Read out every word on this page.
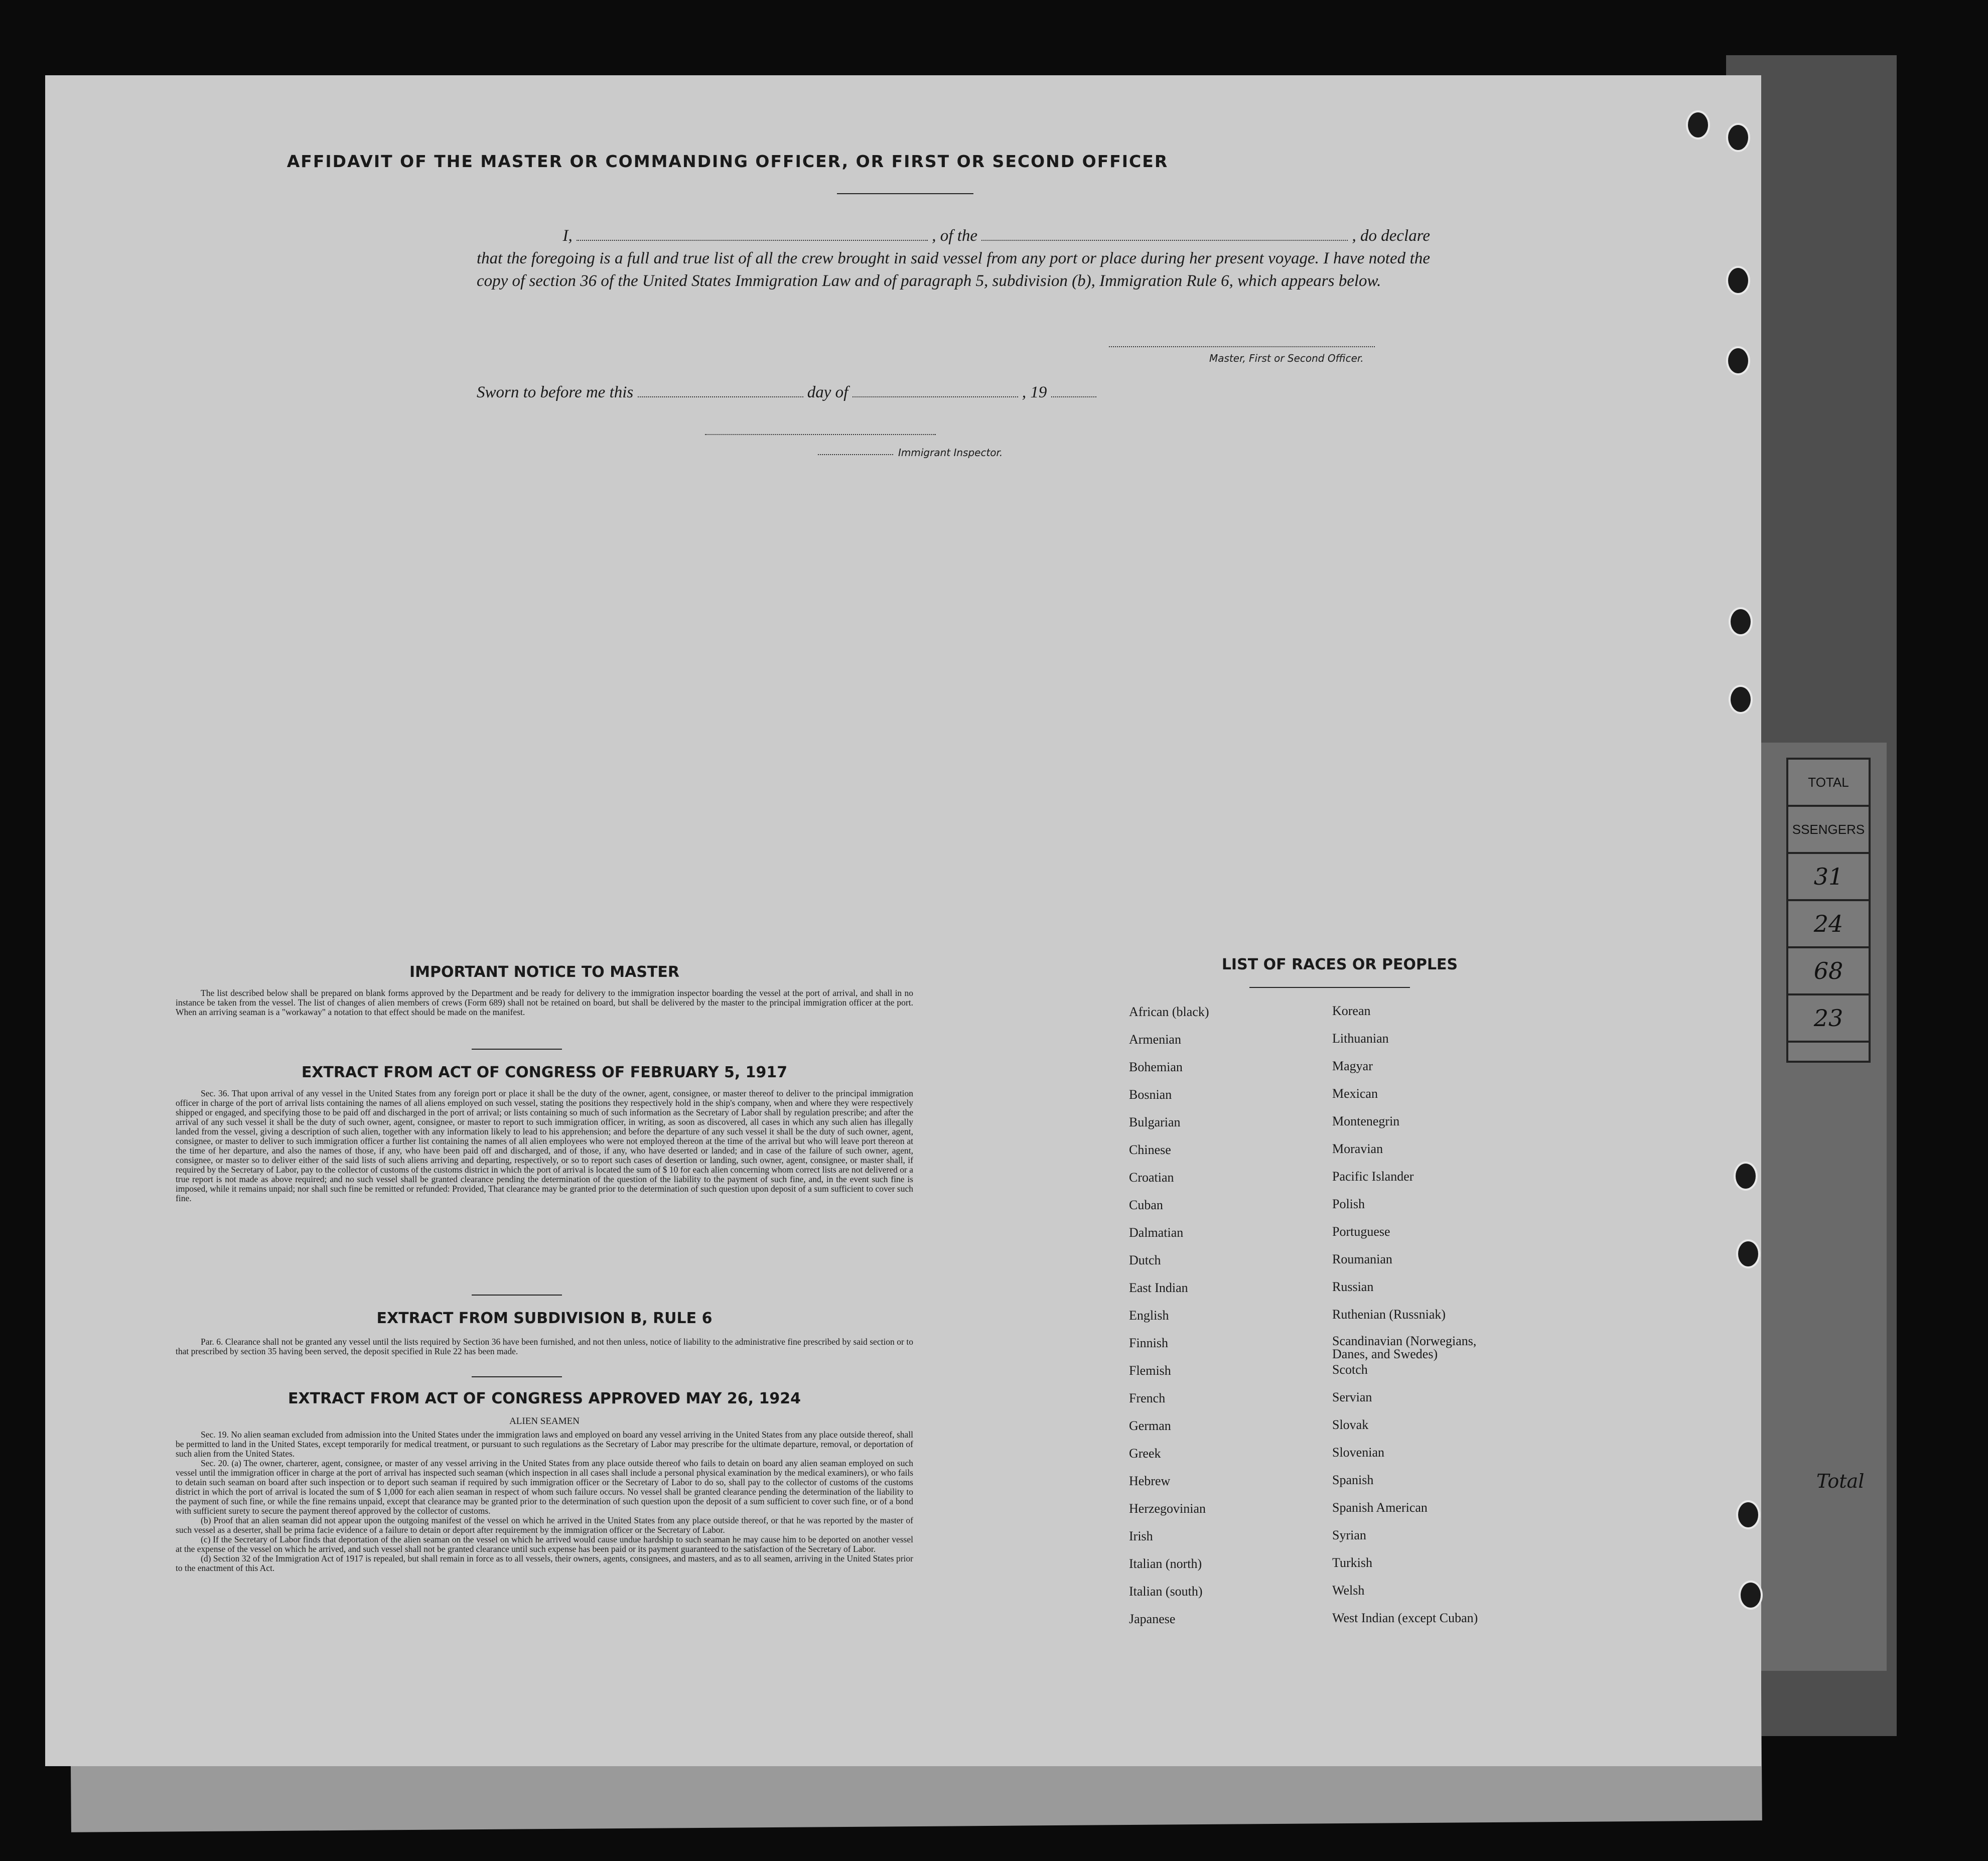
TOTAL
SSENGERS
31
24
68
23
Total
AFFIDAVIT OF THE MASTER OR COMMANDING OFFICER, OR FIRST OR SECOND OFFICER
I,	, of the	, do declare
that the foregoing is a full and true list of all the crew brought in said vessel from any port or place during her present voyage. I have noted the copy of section 36 of the United States Immigration Law and of paragraph 5, subdivision (b), Immigration Rule 6, which appears below.
Master, First or Second Officer.
Sworn to before me this	day of	, 19
Immigrant Inspector.
IMPORTANT NOTICE TO MASTER
The list described below shall be prepared on blank forms approved by the Department and be ready for delivery to the immigration inspector boarding the vessel at the port of arrival, and shall in no instance be taken from the vessel. The list of changes of alien members of crews (Form 689) shall not be retained on board, but shall be delivered by the master to the principal immigration officer at the port. When an arriving seaman is a "workaway" a notation to that effect should be made on the manifest.
EXTRACT FROM ACT OF CONGRESS OF FEBRUARY 5, 1917
Sec. 36. That upon arrival of any vessel in the United States from any foreign port or place it shall be the duty of the owner, agent, consignee, or master thereof to deliver to the principal immigration officer in charge of the port of arrival lists containing the names of all aliens employed on such vessel, stating the positions they respectively hold in the ship's company, when and where they were respectively shipped or engaged, and specifying those to be paid off and discharged in the port of arrival; or lists containing so much of such information as the Secretary of Labor shall by regulation prescribe; and after the arrival of any such vessel it shall be the duty of such owner, agent, consignee, or master to report to such immigration officer, in writing, as soon as discovered, all cases in which any such alien has illegally landed from the vessel, giving a description of such alien, together with any information likely to lead to his apprehension; and before the departure of any such vessel it shall be the duty of such owner, agent, consignee, or master to deliver to such immigration officer a further list containing the names of all alien employees who were not employed thereon at the time of the arrival but who will leave port thereon at the time of her departure, and also the names of those, if any, who have been paid off and discharged, and of those, if any, who have deserted or landed; and in case of the failure of such owner, agent, consignee, or master so to deliver either of the said lists of such aliens arriving and departing, respectively, or so to report such cases of desertion or landing, such owner, agent, consignee, or master shall, if required by the Secretary of Labor, pay to the collector of customs of the customs district in which the port of arrival is located the sum of $ 10 for each alien concerning whom correct lists are not delivered or a true report is not made as above required; and no such vessel shall be granted clearance pending the determination of the question of the liability to the payment of such fine, and, in the event such fine is imposed, while it remains unpaid; nor shall such fine be remitted or refunded: Provided, That clearance may be granted prior to the determination of such question upon deposit of a sum sufficient to cover such fine.
EXTRACT FROM SUBDIVISION B, RULE 6
Par. 6. Clearance shall not be granted any vessel until the lists required by Section 36 have been furnished, and not then unless, notice of liability to the administrative fine prescribed by said section or to that prescribed by section 35 having been served, the deposit specified in Rule 22 has been made.
EXTRACT FROM ACT OF CONGRESS APPROVED MAY 26, 1924
ALIEN SEAMEN

Sec. 19. No alien seaman excluded from admission into the United States under the immigration laws and employed on board any vessel arriving in the United States from any place outside thereof, shall be permitted to land in the United States, except temporarily for medical treatment, or pursuant to such regulations as the Secretary of Labor may prescribe for the ultimate departure, removal, or deportation of such alien from the United States.

Sec. 20. (a) The owner, charterer, agent, consignee, or master of any vessel arriving in the United States from any place outside thereof who fails to detain on board any alien seaman employed on such vessel until the immigration officer in charge at the port of arrival has inspected such seaman (which inspection in all cases shall include a personal physical examination by the medical examiners), or who fails to detain such seaman on board after such inspection or to deport such seaman if required by such immigration officer or the Secretary of Labor to do so, shall pay to the collector of customs of the customs district in which the port of arrival is located the sum of $ 1,000 for each alien seaman in respect of whom such failure occurs. No vessel shall be granted clearance pending the determination of the liability to the payment of such fine, or while the fine remains unpaid, except that clearance may be granted prior to the determination of such question upon the deposit of a sum sufficient to cover such fine, or of a bond with sufficient surety to secure the payment thereof approved by the collector of customs.

(b) Proof that an alien seaman did not appear upon the outgoing manifest of the vessel on which he arrived in the United States from any place outside thereof, or that he was reported by the master of such vessel as a deserter, shall be prima facie evidence of a failure to detain or deport after requirement by the immigration officer or the Secretary of Labor.

(c) If the Secretary of Labor finds that deportation of the alien seaman on the vessel on which he arrived would cause undue hardship to such seaman he may cause him to be deported on another vessel at the expense of the vessel on which he arrived, and such vessel shall not be granted clearance until such expense has been paid or its payment guaranteed to the satisfaction of the Secretary of Labor.

(d) Section 32 of the Immigration Act of 1917 is repealed, but shall remain in force as to all vessels, their owners, agents, consignees, and masters, and as to all seamen, arriving in the United States prior to the enactment of this Act.

LIST OF RACES OR PEOPLES
African (black)
Armenian
Bohemian
Bosnian
Bulgarian
Chinese
Croatian
Cuban
Dalmatian
Dutch
East Indian
English
Finnish
Flemish
French
German
Greek
Hebrew
Herzegovinian
Irish
Italian (north)
Italian (south)
Japanese
Korean
Lithuanian
Magyar
Mexican
Montenegrin
Moravian
Pacific Islander
Polish
Portuguese
Roumanian
Russian
Ruthenian (Russniak)
Scandinavian (Norwegians, Danes, and Swedes)
Scotch
Servian
Slovak
Slovenian
Spanish
Spanish American
Syrian
Turkish
Welsh
West Indian (except Cuban)
